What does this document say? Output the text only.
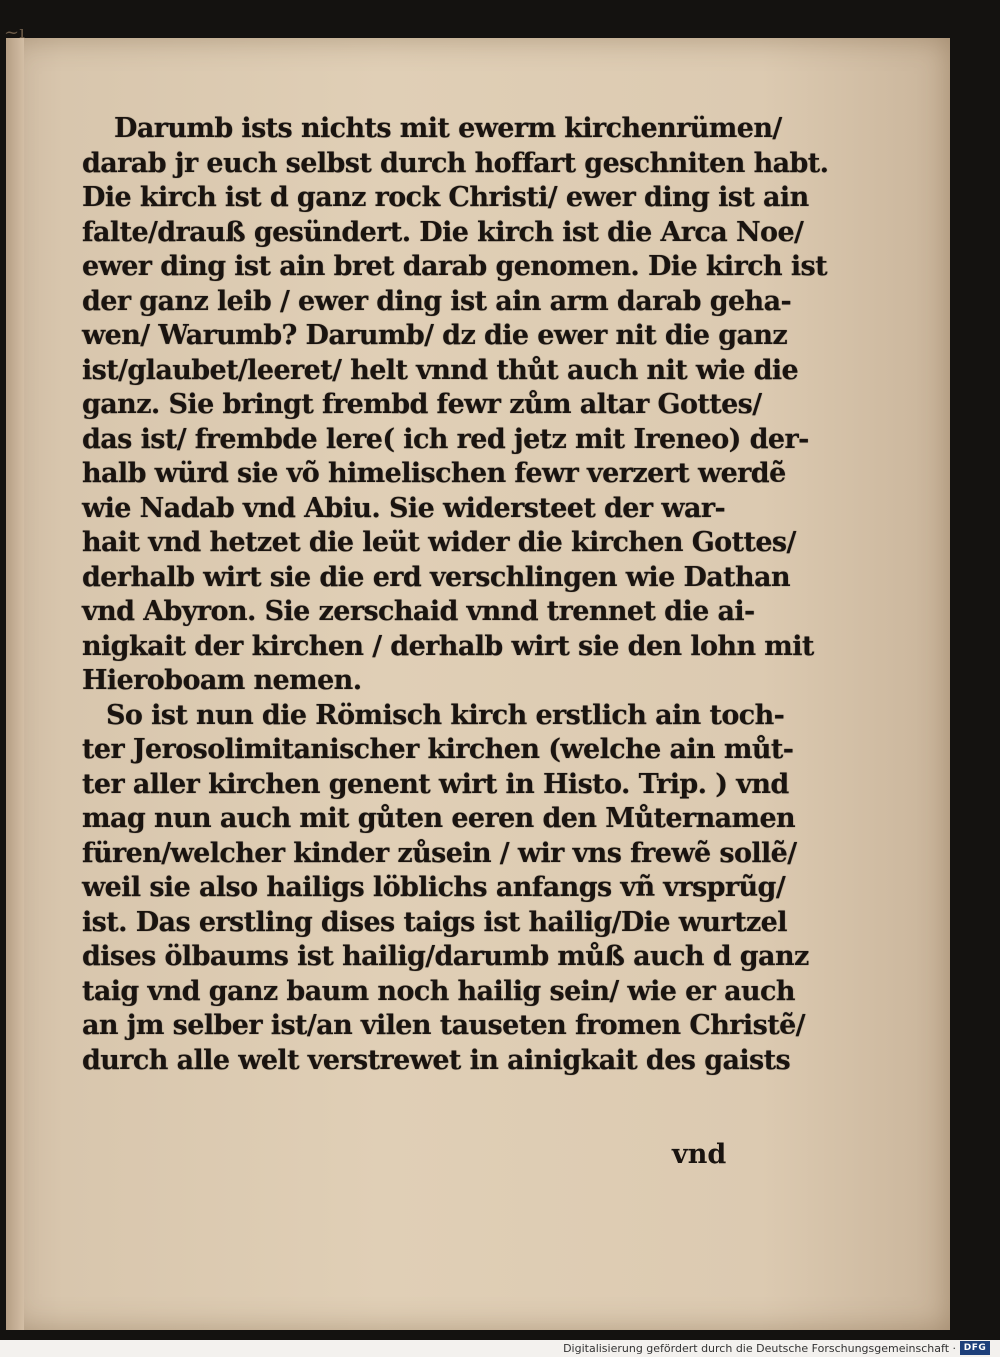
~ı
Darumb ists nichts mit ewerm kirchenrümen/
darab jr euch selbst durch hoffart geschniten habt.
Die kirch ist d ganz rock Christi/ ewer ding ist ain
falte/drauß gesündert. Die kirch ist die Arca Noe/
ewer ding ist ain bret darab genomen. Die kirch ist
der ganz leib / ewer ding ist ain arm darab geha-
wen/ Warumb? Darumb/ dz die ewer nit die ganz
ist/glaubet/leeret/ helt vnnd thůt auch nit wie die
ganz. Sie bringt frembd fewr zům altar Gottes/
das ist/ frembde lere( ich red jetz mit Ireneo) der-
halb würd sie võ himelischen fewr verzert werdẽ
wie Nadab vnd Abiu. Sie widersteet der war-
hait vnd hetzet die leüt wider die kirchen Gottes/
derhalb wirt sie die erd verschlingen wie Dathan
vnd Abyron. Sie zerschaid vnnd trennet die ai-
nigkait der kirchen / derhalb wirt sie den lohn mit
Hieroboam nemen.
So ist nun die Römisch kirch erstlich ain toch-
ter Jerosolimitanischer kirchen (welche ain můt-
ter aller kirchen genent wirt in Histo. Trip. ) vnd
mag nun auch mit gůten eeren den Můternamen
füren/welcher kinder zůsein / wir vns frewẽ sollẽ/
weil sie also hailigs löblichs anfangs vñ vrsprũg/
ist. Das erstling dises taigs ist hailig/Die wurtzel
dises ölbaums ist hailig/darumb můß auch d ganz
taig vnd ganz baum noch hailig sein/ wie er auch
an jm selber ist/an vilen tauseten fromen Christẽ/
durch alle welt verstrewet in ainigkait des gaists
vnd
Digitalisierung gefördert durch die Deutsche Forschungsgemeinschaft · DFG
